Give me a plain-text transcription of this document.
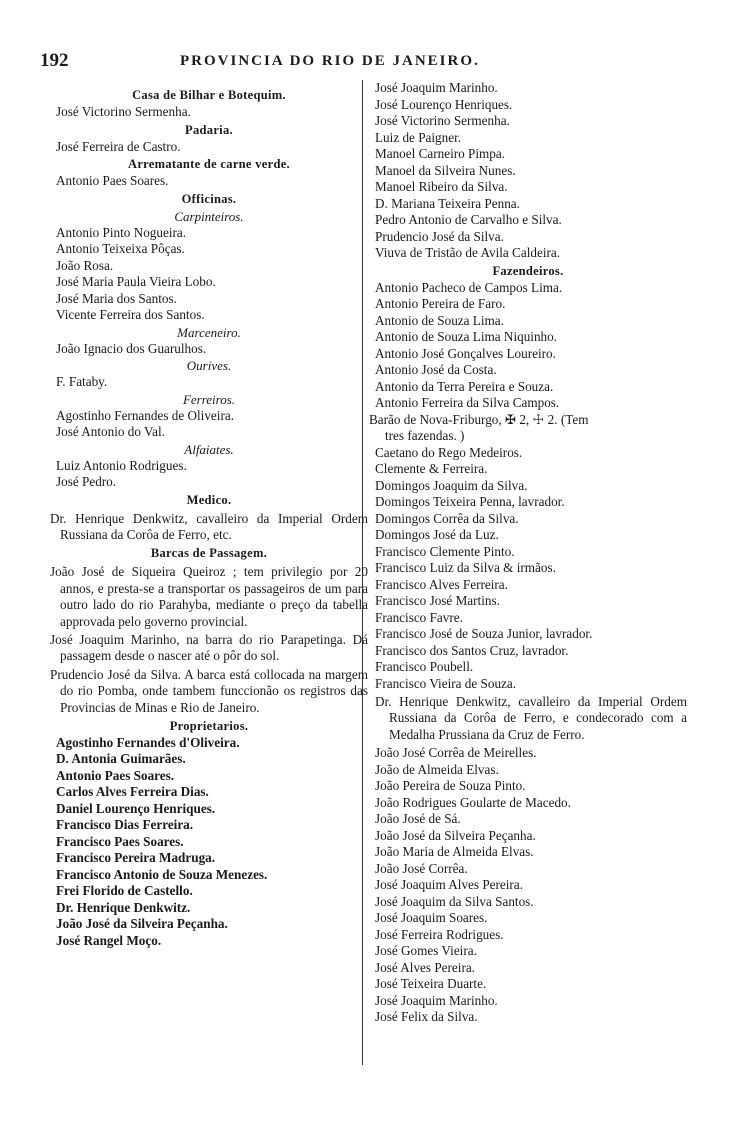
192	PROVINCIA DO RIO DE JANEIRO.
Casa de Bilhar e Botequim.
José Victorino Sermenha.
Padaria.
José Ferreira de Castro.
Arrematante de carne verde.
Antonio Paes Soares.
Officinas.
Carpinteiros.
Antonio Pinto Nogueira.
Antonio Teixeixa Pôças.
João Rosa.
José Maria Paula Vieira Lobo.
José Maria dos Santos.
Vicente Ferreira dos Santos.
Marceneiro.
João Ignacio dos Guarulhos.
Ourives.
F. Fataby.
Ferreiros.
Agostinho Fernandes de Oliveira.
José Antonio do Val.
Alfaiates.
Luiz Antonio Rodrigues.
José Pedro.
Medico.
Dr. Henrique Denkwitz, cavalleiro da Imperial Ordem Russiana da Corôa de Ferro, etc.
Barcas de Passagem.
João José de Siqueira Queiroz ; tem privilegio por 20 annos, e presta-se a transportar os passageiros de um para outro lado do rio Parahyba, mediante o preço da tabella approvada pelo governo provincial.
José Joaquim Marinho, na barra do rio Parapetinga. Dá passagem desde o nascer até o pôr do sol.
Prudencio José da Silva. A barca está collocada na margem do rio Pomba, onde tambem funccionão os registros das Provincias de Minas e Rio de Janeiro.
Proprietarios.
Agostinho Fernandes d'Oliveira.
D. Antonia Guimarães.
Antonio Paes Soares.
Carlos Alves Ferreira Dias.
Daniel Lourenço Henriques.
Francisco Dias Ferreira.
Francisco Paes Soares.
Francisco Pereira Madruga.
Francisco Antonio de Souza Menezes.
Frei Florido de Castello.
Dr. Henrique Denkwitz.
João José da Silveira Peçanha.
José Rangel Moço.
José Joaquim Marinho.
José Lourenço Henriques.
José Victorino Sermenha.
Luiz de Paigner.
Manoel Carneiro Pimpa.
Manoel da Silveira Nunes.
Manoel Ribeiro da Silva.
D. Mariana Teixeira Penna.
Pedro Antonio de Carvalho e Silva.
Prudencio José da Silva.
Viuva de Tristão de Avila Caldeira.
Fazendeiros.
Antonio Pacheco de Campos Lima.
Antonio Pereira de Faro.
Antonio de Souza Lima.
Antonio de Souza Lima Niquinho.
Antonio José Gonçalves Loureiro.
Antonio José da Costa.
Antonio da Terra Pereira e Souza.
Antonio Ferreira da Silva Campos.
Barão de Nova-Friburgo, ✠ 2, ☩ 2. (Tem
tres fazendas. )
Caetano do Rego Medeiros.
Clemente & Ferreira.
Domingos Joaquim da Silva.
Domingos Teixeira Penna, lavrador.
Domingos Corrêa da Silva.
Domingos José da Luz.
Francisco Clemente Pinto.
Francisco Luiz da Silva & irmãos.
Francisco Alves Ferreira.
Francisco José Martins.
Francisco Favre.
Francisco José de Souza Junior, lavrador.
Francisco dos Santos Cruz, lavrador.
Francisco Poubell.
Francisco Vieira de Souza.
Dr. Henrique Denkwitz, cavalleiro da Imperial Ordem Russiana da Corôa de Ferro, e condecorado com a Medalha Prussiana da Cruz de Ferro.
João José Corrêa de Meirelles.
João de Almeida Elvas.
João Pereira de Souza Pinto.
João Rodrigues Goularte de Macedo.
João José de Sá.
João José da Silveira Peçanha.
João Maria de Almeida Elvas.
João José Corrêa.
José Joaquim Alves Pereira.
José Joaquim da Silva Santos.
José Joaquim Soares.
José Ferreira Rodrigues.
José Gomes Vieira.
José Alves Pereira.
José Teixeira Duarte.
José Joaquim Marinho.
José Felix da Silva.
